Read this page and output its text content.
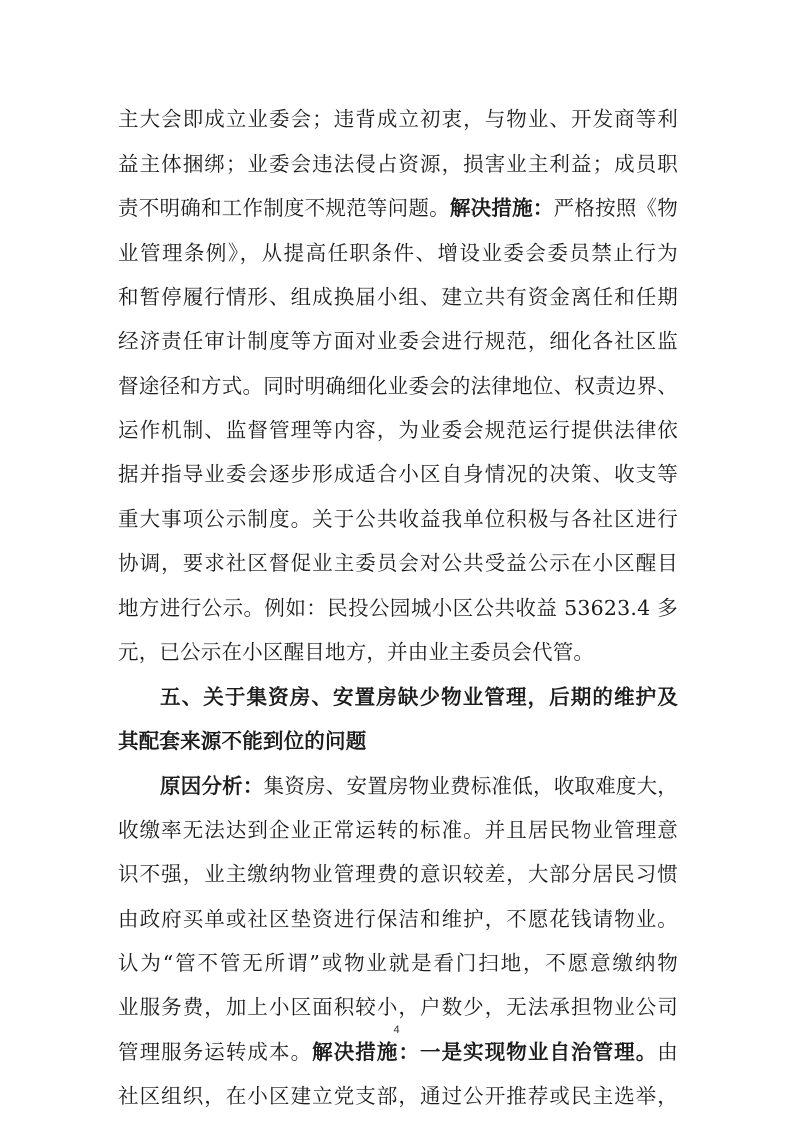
主大会即成立业委会；违背成立初衷，与物业、开发商等利
益主体捆绑；业委会违法侵占资源，损害业主利益；成员职
责不明确和工作制度不规范等问题。解决措施：严格按照《物
业管理条例》，从提高任职条件、增设业委会委员禁止行为
和暂停履行情形、组成换届小组、建立共有资金离任和任期
经济责任审计制度等方面对业委会进行规范，细化各社区监
督途径和方式。同时明确细化业委会的法律地位、权责边界、
运作机制、监督管理等内容，为业委会规范运行提供法律依
据并指导业委会逐步形成适合小区自身情况的决策、收支等
重大事项公示制度。关于公共收益我单位积极与各社区进行
协调，要求社区督促业主委员会对公共受益公示在小区醒目
地方进行公示。例如：民投公园城小区公共收益 53623.4 多
元，已公示在小区醒目地方，并由业主委员会代管。
五、关于集资房、安置房缺少物业管理，后期的维护及
其配套来源不能到位的问题
原因分析：集资房、安置房物业费标准低，收取难度大，
收缴率无法达到企业正常运转的标准。并且居民物业管理意
识不强，业主缴纳物业管理费的意识较差，大部分居民习惯
由政府买单或社区垫资进行保洁和维护，不愿花钱请物业。
认为“管不管无所谓”或物业就是看门扫地，不愿意缴纳物
业服务费，加上小区面积较小，户数少，无法承担物业公司
管理服务运转成本。解决措施：一是实现物业自治管理。由
社区组织，在小区建立党支部，通过公开推荐或民主选举，
4
